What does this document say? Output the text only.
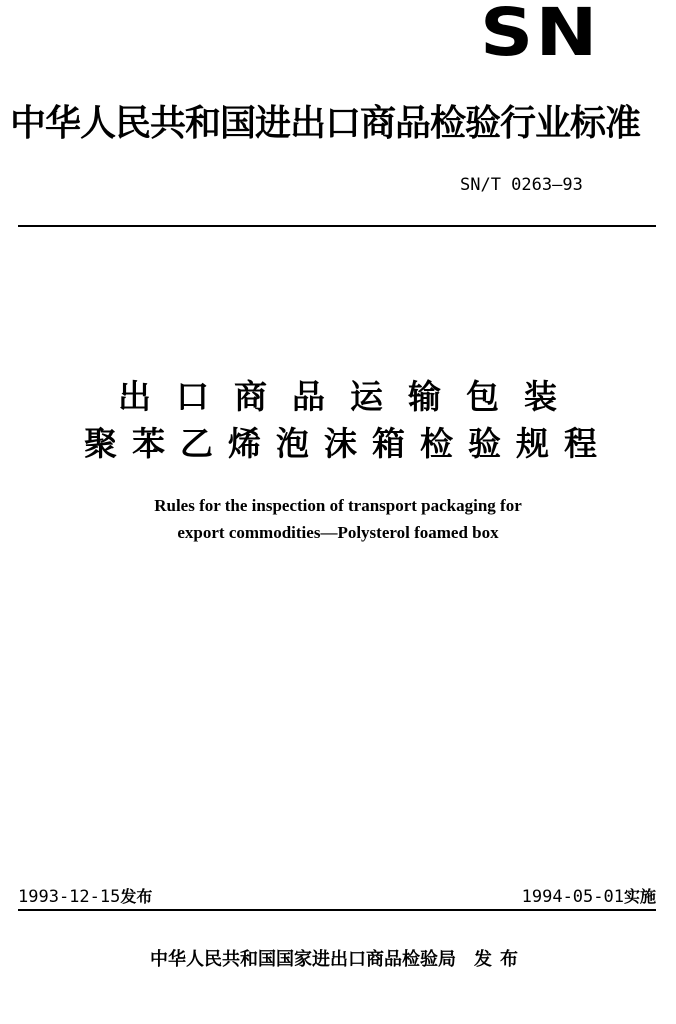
SN
中华人民共和国进出口商品检验行业标准
SN/T 0263—93
出口商品运输包装
聚苯乙烯泡沫箱检验规程
Rules for the inspection of transport packaging for
export commodities—Polysterol foamed box
1993-12-15发布	1994-05-01实施
中华人民共和国国家进出口商品检验局 发布
